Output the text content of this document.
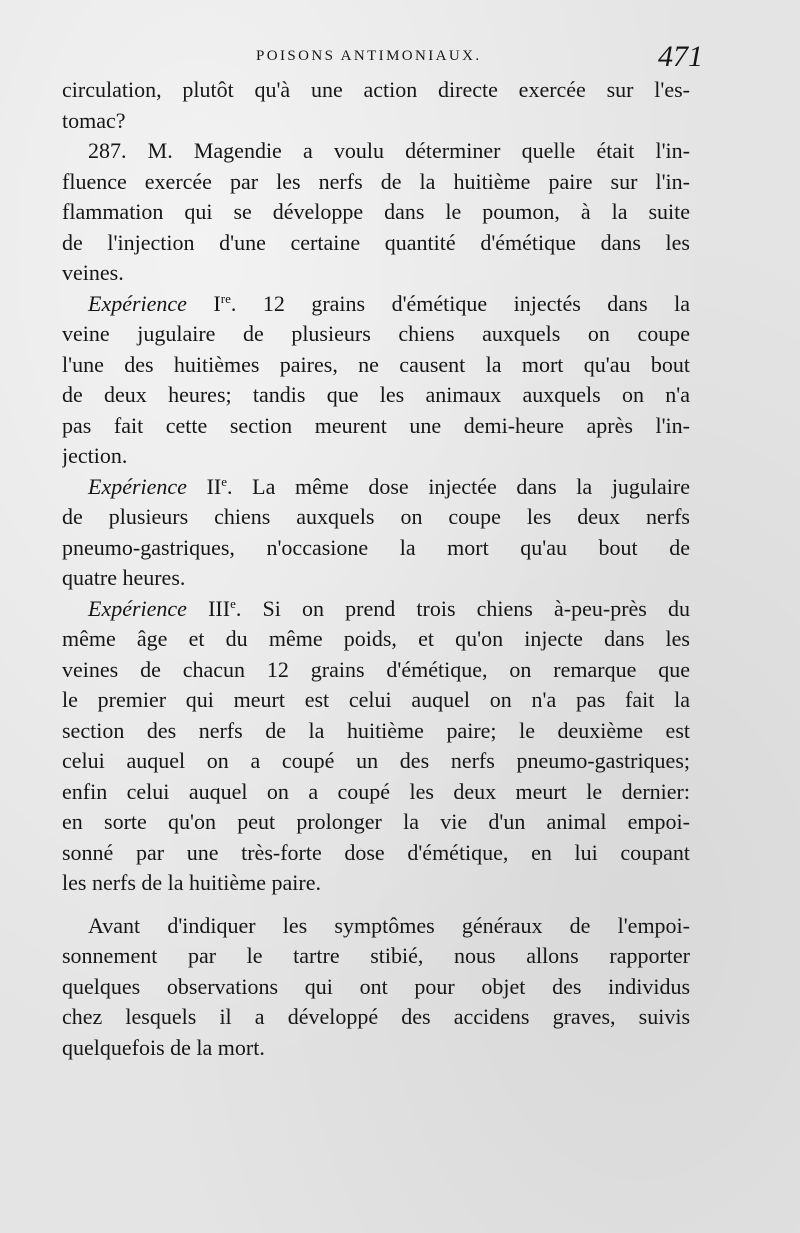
POISONS ANTIMONIAUX.	471
circulation, plutôt qu'à une action directe exercée sur l'es-
tomac?
287. M. Magendie a voulu déterminer quelle était l'in-
fluence exercée par les nerfs de la huitième paire sur l'in-
flammation qui se développe dans le poumon, à la suite
de l'injection d'une certaine quantité d'émétique dans les
veines.
Expérience Ire. 12 grains d'émétique injectés dans la
veine jugulaire de plusieurs chiens auxquels on coupe
l'une des huitièmes paires, ne causent la mort qu'au bout
de deux heures; tandis que les animaux auxquels on n'a
pas fait cette section meurent une demi-heure après l'in-
jection.
Expérience IIe. La même dose injectée dans la jugulaire
de plusieurs chiens auxquels on coupe les deux nerfs
pneumo-gastriques, n'occasione la mort qu'au bout de
quatre heures.
Expérience IIIe. Si on prend trois chiens à-peu-près du
même âge et du même poids, et qu'on injecte dans les
veines de chacun 12 grains d'émétique, on remarque que
le premier qui meurt est celui auquel on n'a pas fait la
section des nerfs de la huitième paire; le deuxième est
celui auquel on a coupé un des nerfs pneumo-gastriques;
enfin celui auquel on a coupé les deux meurt le dernier:
en sorte qu'on peut prolonger la vie d'un animal empoi-
sonné par une très-forte dose d'émétique, en lui coupant
les nerfs de la huitième paire.
Avant d'indiquer les symptômes généraux de l'empoi-
sonnement par le tartre stibié, nous allons rapporter
quelques observations qui ont pour objet des individus
chez lesquels il a développé des accidens graves, suivis
quelquefois de la mort.
